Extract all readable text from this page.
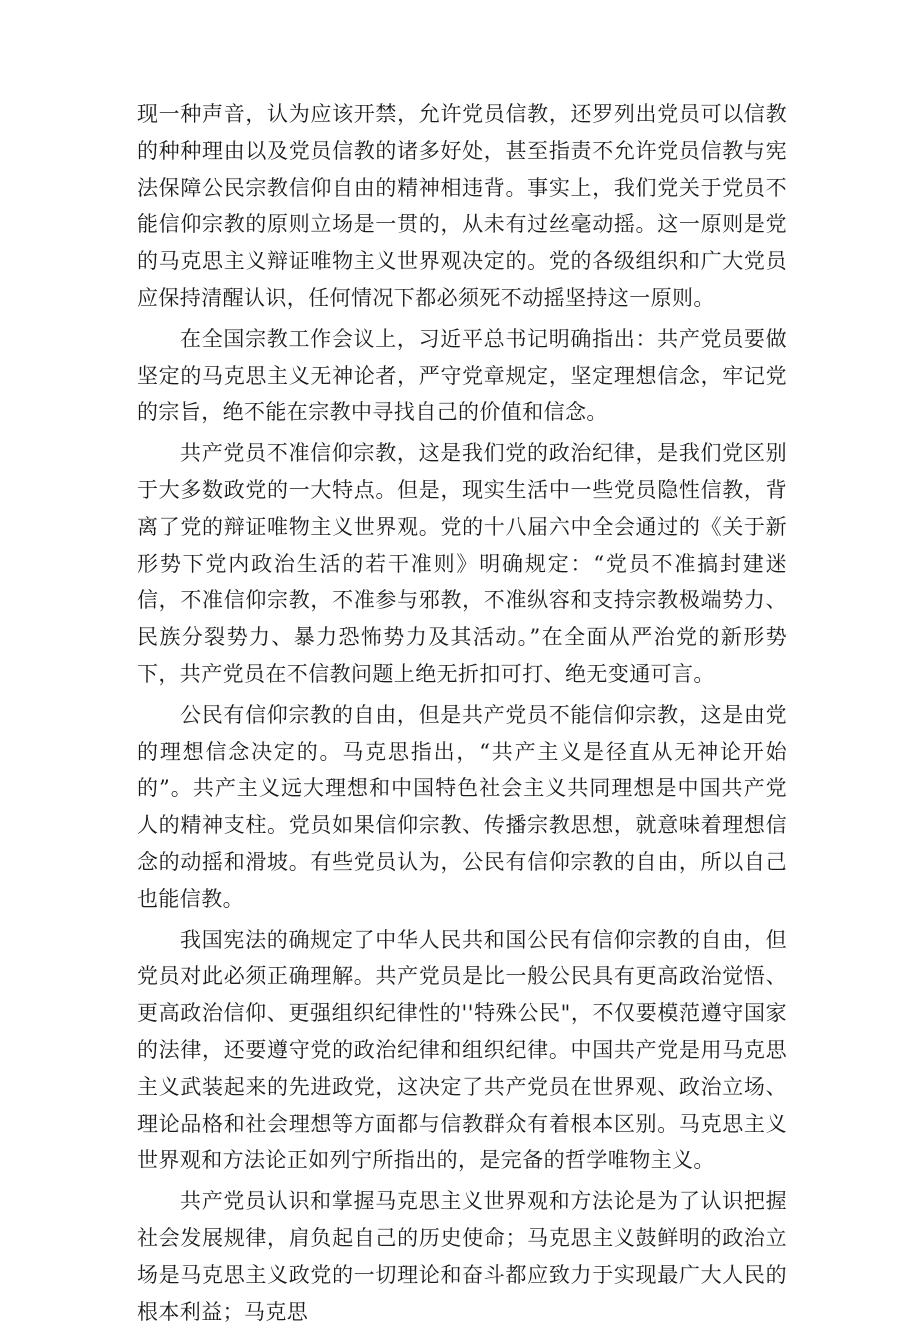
现一种声音，认为应该开禁，允许党员信教，还罗列出党员可以信教的种种理由以及党员信教的诸多好处，甚至指责不允许党员信教与宪法保障公民宗教信仰自由的精神相违背。事实上，我们党关于党员不能信仰宗教的原则立场是一贯的，从未有过丝毫动摇。这一原则是党的马克思主义辩证唯物主义世界观决定的。党的各级组织和广大党员应保持清醒认识，任何情况下都必须死不动摇坚持这一原则。

在全国宗教工作会议上，习近平总书记明确指出：共产党员要做坚定的马克思主义无神论者，严守党章规定，坚定理想信念，牢记党的宗旨，绝不能在宗教中寻找自己的价值和信念。

共产党员不准信仰宗教，这是我们党的政治纪律，是我们党区别于大多数政党的一大特点。但是，现实生活中一些党员隐性信教，背离了党的辩证唯物主义世界观。党的十八届六中全会通过的《关于新形势下党内政治生活的若干准则》明确规定：“党员不准搞封建迷信，不准信仰宗教，不准参与邪教，不准纵容和支持宗教极端势力、民族分裂势力、暴力恐怖势力及其活动。”在全面从严治党的新形势下，共产党员在不信教问题上绝无折扣可打、绝无变通可言。

公民有信仰宗教的自由，但是共产党员不能信仰宗教，这是由党的理想信念决定的。马克思指出，“共产主义是径直从无神论开始的”。共产主义远大理想和中国特色社会主义共同理想是中国共产党人的精神支柱。党员如果信仰宗教、传播宗教思想，就意味着理想信念的动摇和滑坡。有些党员认为，公民有信仰宗教的自由，所以自己也能信教。

我国宪法的确规定了中华人民共和国公民有信仰宗教的自由，但党员对此必须正确理解。共产党员是比一般公民具有更高政治觉悟、更高政治信仰、更强组织纪律性的''特殊公民"，不仅要模范遵守国家的法律，还要遵守党的政治纪律和组织纪律。中国共产党是用马克思主义武装起来的先进政党，这决定了共产党员在世界观、政治立场、理论品格和社会理想等方面都与信教群众有着根本区别。马克思主义世界观和方法论正如列宁所指出的，是完备的哲学唯物主义。

共产党员认识和掌握马克思主义世界观和方法论是为了认识把握社会发展规律，肩负起自己的历史使命；马克思主义鼓鲜明的政治立场是马克思主义政党的一切理论和奋斗都应致力于实现最广大人民的根本利益；马克思
